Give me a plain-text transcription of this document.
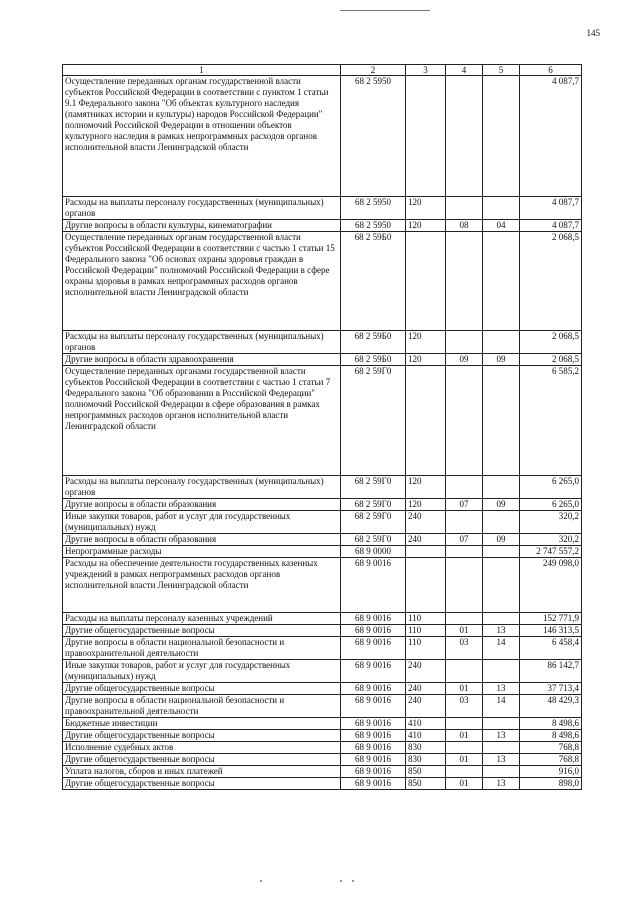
145
1	2	3	4	5	6
Осуществление переданных органам государственной власти субъектов Российской Федерации в соответствии с пунктом 1 статьи 9.1 Федерального закона "Об объектах культурного наследия (памятниках истории и культуры) народов Российской Федерации" полномочий Российской Федерации в отношении объектов культурного наследия в рамках непрограммных расходов органов исполнительной власти Ленинградской области	68 2 5950				4 087,7
Расходы на выплаты персоналу государственных (муниципальных) органов	68 2 5950	120			4 087,7
Другие вопросы в области культуры, кинематографии	68 2 5950	120	08	04	4 087,7
Осуществление переданных органам государственной власти субъектов Российской Федерации в соответствии с частью 1 статьи 15 Федерального закона "Об основах охраны здоровья граждан в Российской Федерации" полномочий Российской Федерации в сфере охраны здоровья в рамках непрограммных расходов органов исполнительной власти Ленинградской области	68 2 59Б0				2 068,5
Расходы на выплаты персоналу государственных (муниципальных) органов	68 2 59Б0	120			2 068,5
Другие вопросы в области здравоохранения	68 2 59Б0	120	09	09	2 068,5
Осуществление переданных органами государственной власти субъектов Российской Федерации в соответствии с частью 1 статьи 7 Федерального закона "Об образовании в Российской Федерации" полномочий Российской Федерации в сфере образования в рамках непрограммных расходов органов исполнительной власти Ленинградской области	68 2 59Г0				6 585,2
Расходы на выплаты персоналу государственных (муниципальных) органов	68 2 59Г0	120			6 265,0
Другие вопросы в области образования	68 2 59Г0	120	07	09	6 265,0
Иные закупки товаров, работ и услуг для государственных (муниципальных) нужд	68 2 59Г0	240			320,2
Другие вопросы в области образования	68 2 59Г0	240	07	09	320,2
Непрограммные расходы	68 9 0000				2 747 557,2
Расходы на обеспечение деятельности государственных казенных учреждений в рамках непрограммных расходов органов исполнительной власти Ленинградской области	68 9 0016				249 098,0
Расходы на выплаты персоналу казенных учреждений	68 9 0016	110			152 771,9
Другие общегосударственные вопросы	68 9 0016	110	01	13	146 313,5
Другие вопросы в области национальной безопасности и правоохранительной деятельности	68 9 0016	110	03	14	6 458,4
Иные закупки товаров, работ и услуг для государственных (муниципальных) нужд	68 9 0016	240			86 142,7
Другие общегосударственные вопросы	68 9 0016	240	01	13	37 713,4
Другие вопросы в области национальной безопасности и правоохранительной деятельности	68 9 0016	240	03	14	48 429,3
Бюджетные инвестиции	68 9 0016	410			8 498,6
Другие общегосударственные вопросы	68 9 0016	410	01	13	8 498,6
Исполнение судебных актов	68 9 0016	830			768,8
Другие общегосударственные вопросы	68 9 0016	830	01	13	768,8
Уплата налогов, сборов и иных платежей	68 9 0016	850			916,0
Другие общегосударственные вопросы	68 9 0016	850	01	13	898,0
